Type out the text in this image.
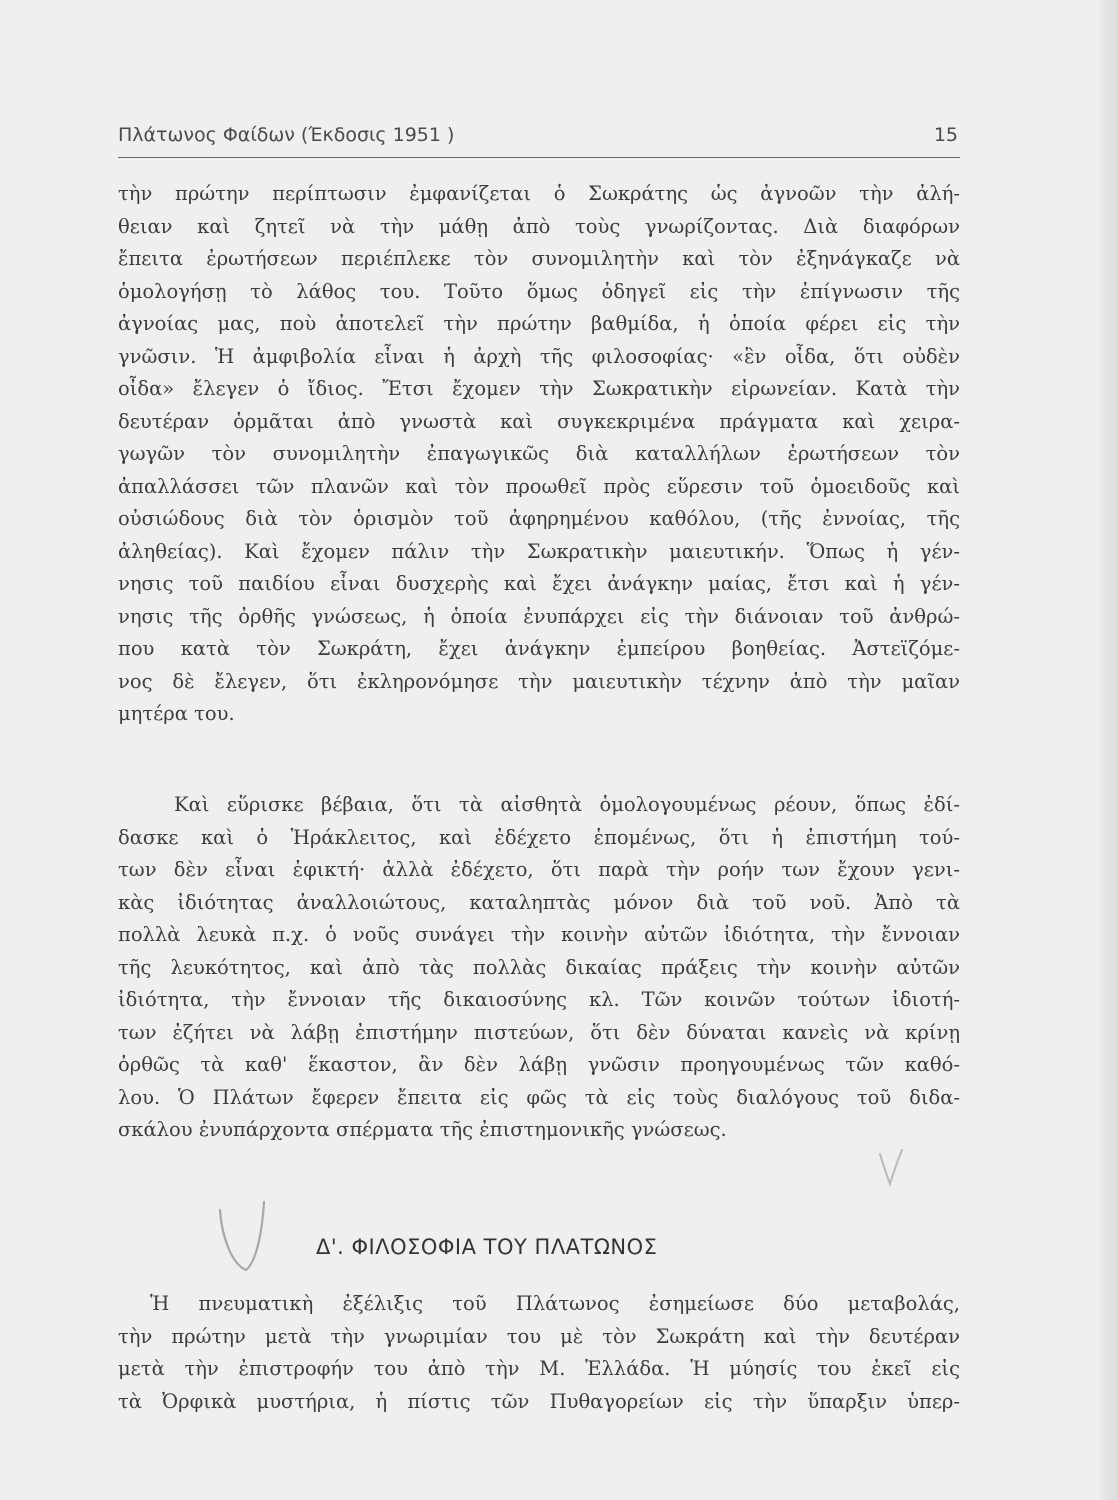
Πλάτωνος Φαίδων (Έκδοσις 1951 )	15
τὴν πρώτην περίπτωσιν ἐμφανίζεται ὁ Σωκράτης ὡς ἀγνοῶν τὴν ἀλή-
θειαν καὶ ζητεῖ νὰ τὴν μάθῃ ἀπὸ τοὺς γνωρίζοντας. Διὰ διαφόρων
ἔπειτα ἐρωτήσεων περιέπλεκε τὸν συνομιλητὴν καὶ τὸν ἐξηνάγκαζε νὰ
ὁμολογήσῃ τὸ λάθος του. Τοῦτο ὅμως ὁδηγεῖ εἰς τὴν ἐπίγνωσιν τῆς
ἀγνοίας μας, ποὺ ἀποτελεῖ τὴν πρώτην βαθμίδα, ἡ ὁποία φέρει εἰς τὴν
γνῶσιν. Ἡ ἀμφιβολία εἶναι ἡ ἀρχὴ τῆς φιλοσοφίας· «ἓν οἶδα, ὅτι οὐδὲν
οἶδα» ἔλεγεν ὁ ἴδιος. Ἔτσι ἔχομεν τὴν Σωκρατικὴν εἰρωνείαν. Κατὰ τὴν
δευτέραν ὁρμᾶται ἀπὸ γνωστὰ καὶ συγκεκριμένα πράγματα καὶ χειρα-
γωγῶν τὸν συνομιλητὴν ἐπαγωγικῶς διὰ καταλλήλων ἐρωτήσεων τὸν
ἀπαλλάσσει τῶν πλανῶν καὶ τὸν προωθεῖ πρὸς εὕρεσιν τοῦ ὁμοειδοῦς καὶ
οὐσιώδους διὰ τὸν ὁρισμὸν τοῦ ἀφηρημένου καθόλου, (τῆς ἐννοίας, τῆς
ἀληθείας). Καὶ ἔχομεν πάλιν τὴν Σωκρατικὴν μαιευτικήν. Ὅπως ἡ γέν-
νησις τοῦ παιδίου εἶναι δυσχερὴς καὶ ἔχει ἀνάγκην μαίας, ἔτσι καὶ ἡ γέν-
νησις τῆς ὀρθῆς γνώσεως, ἡ ὁποία ἐνυπάρχει εἰς τὴν διάνοιαν τοῦ ἀνθρώ-
που κατὰ τὸν Σωκράτη, ἔχει ἀνάγκην ἐμπείρου βοηθείας. Ἀστεϊζόμε-
νος δὲ ἔλεγεν, ὅτι ἐκληρονόμησε τὴν μαιευτικὴν τέχνην ἀπὸ τὴν μαῖαν
μητέρα του.
Καὶ εὕρισκε βέβαια, ὅτι τὰ αἰσθητὰ ὁμολογουμένως ρέουν, ὅπως ἐδί-
δασκε καὶ ὁ Ἡράκλειτος, καὶ ἐδέχετο ἑπομένως, ὅτι ἡ ἐπιστήμη τού-
των δὲν εἶναι ἐφικτή· ἀλλὰ ἐδέχετο, ὅτι παρὰ τὴν ροήν των ἔχουν γενι-
κὰς ἰδιότητας ἀναλλοιώτους, καταληπτὰς μόνον διὰ τοῦ νοῦ. Ἀπὸ τὰ
πολλὰ λευκὰ π.χ. ὁ νοῦς συνάγει τὴν κοινὴν αὐτῶν ἰδιότητα, τὴν ἔννοιαν
τῆς λευκότητος, καὶ ἀπὸ τὰς πολλὰς δικαίας πράξεις τὴν κοινὴν αὐτῶν
ἰδιότητα, τὴν ἔννοιαν τῆς δικαιοσύνης κλ. Τῶν κοινῶν τούτων ἰδιοτή-
των ἐζήτει νὰ λάβῃ ἐπιστήμην πιστεύων, ὅτι δὲν δύναται κανεὶς νὰ κρίνῃ
ὀρθῶς τὰ καθ' ἕκαστον, ἂν δὲν λάβῃ γνῶσιν προηγουμένως τῶν καθό-
λου. Ὁ Πλάτων ἔφερεν ἔπειτα εἰς φῶς τὰ εἰς τοὺς διαλόγους τοῦ διδα-
σκάλου ἐνυπάρχοντα σπέρματα τῆς ἐπιστημονικῆς γνώσεως.
Δ'. ΦΙΛΟΣΟΦΙΑ ΤΟΥ ΠΛΑΤΩΝΟΣ
Ἡ πνευματικὴ ἐξέλιξις τοῦ Πλάτωνος ἐσημείωσε δύο μεταβολάς,
τὴν πρώτην μετὰ τὴν γνωριμίαν του μὲ τὸν Σωκράτη καὶ τὴν δευτέραν
μετὰ τὴν ἐπιστροφήν του ἀπὸ τὴν Μ. Ἑλλάδα. Ἡ μύησίς του ἐκεῖ εἰς
τὰ Ὀρφικὰ μυστήρια, ἡ πίστις τῶν Πυθαγορείων εἰς τὴν ὕπαρξιν ὑπερ-
